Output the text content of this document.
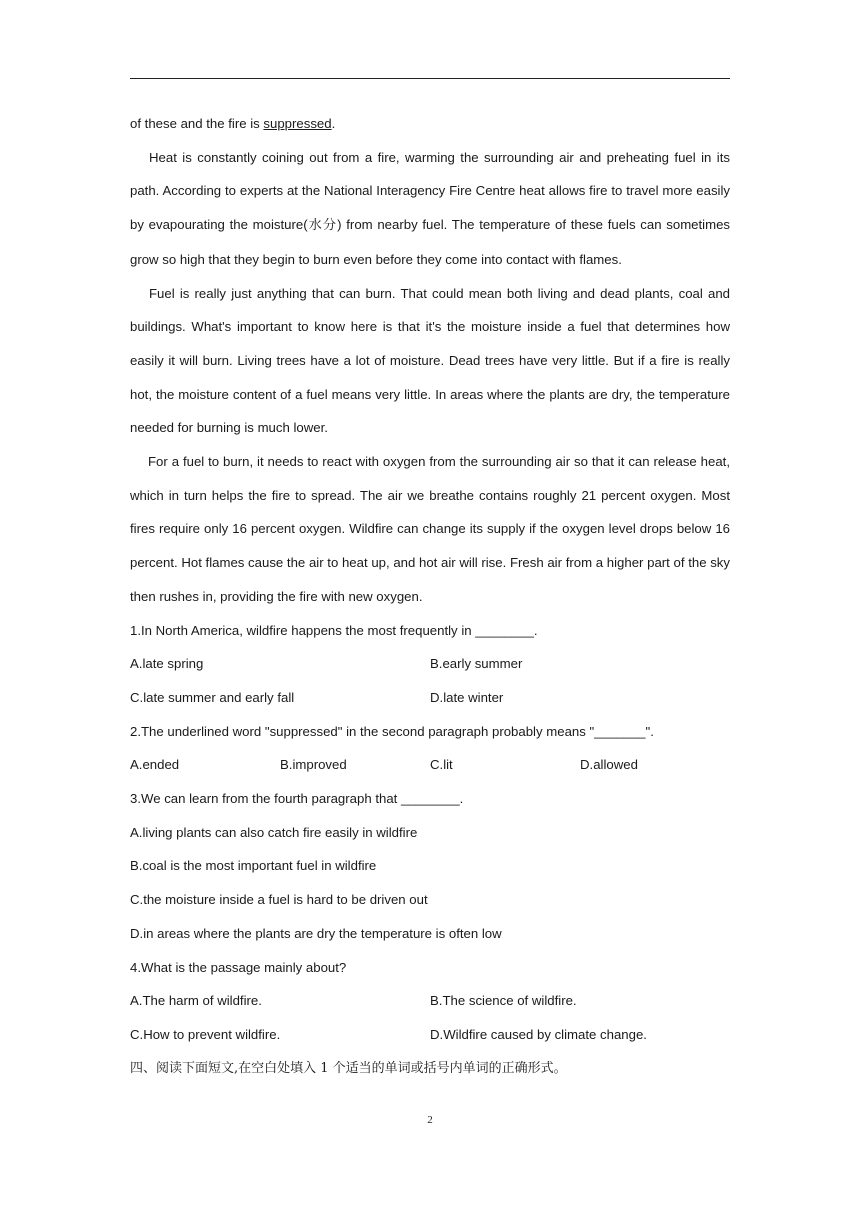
of these and the fire is suppressed.

Heat is constantly coining out from a fire, warming the surrounding air and preheating fuel in its path. According to experts at the National Interagency Fire Centre heat allows fire to travel more easily by evapourating the moisture(水分) from nearby fuel. The temperature of these fuels can sometimes grow so high that they begin to burn even before they come into contact with flames.

Fuel is really just anything that can burn. That could mean both living and dead plants, coal and buildings. What's important to know here is that it's the moisture inside a fuel that determines how easily it will burn. Living trees have a lot of moisture. Dead trees have very little. But if a fire is really hot, the moisture content of a fuel means very little. In areas where the plants are dry, the temperature needed for burning is much lower.

For a fuel to burn, it needs to react with oxygen from the surrounding air so that it can release heat, which in turn helps the fire to spread. The air we breathe contains roughly 21 percent oxygen. Most fires require only 16 percent oxygen. Wildfire can change its supply if the oxygen level drops below 16 percent. Hot flames cause the air to heat up, and hot air will rise. Fresh air from a higher part of the sky then rushes in, providing the fire with new oxygen.

1.In North America, wildfire happens the most frequently in ________.

A.late spring	B.early summer
C.late summer and early fall	D.late winter

2.The underlined word "suppressed" in the second paragraph probably means "_______".

A.ended	B.improved	C.lit	D.allowed

3.We can learn from the fourth paragraph that ________.

A.living plants can also catch fire easily in wildfire

B.coal is the most important fuel in wildfire

C.the moisture inside a fuel is hard to be driven out

D.in areas where the plants are dry the temperature is often low

4.What is the passage mainly about?

A.The harm of wildfire.	B.The science of wildfire.
C.How to prevent wildfire.	D.Wildfire caused by climate change.

四、阅读下面短文,在空白处填入 1 个适当的单词或括号内单词的正确形式。

2
